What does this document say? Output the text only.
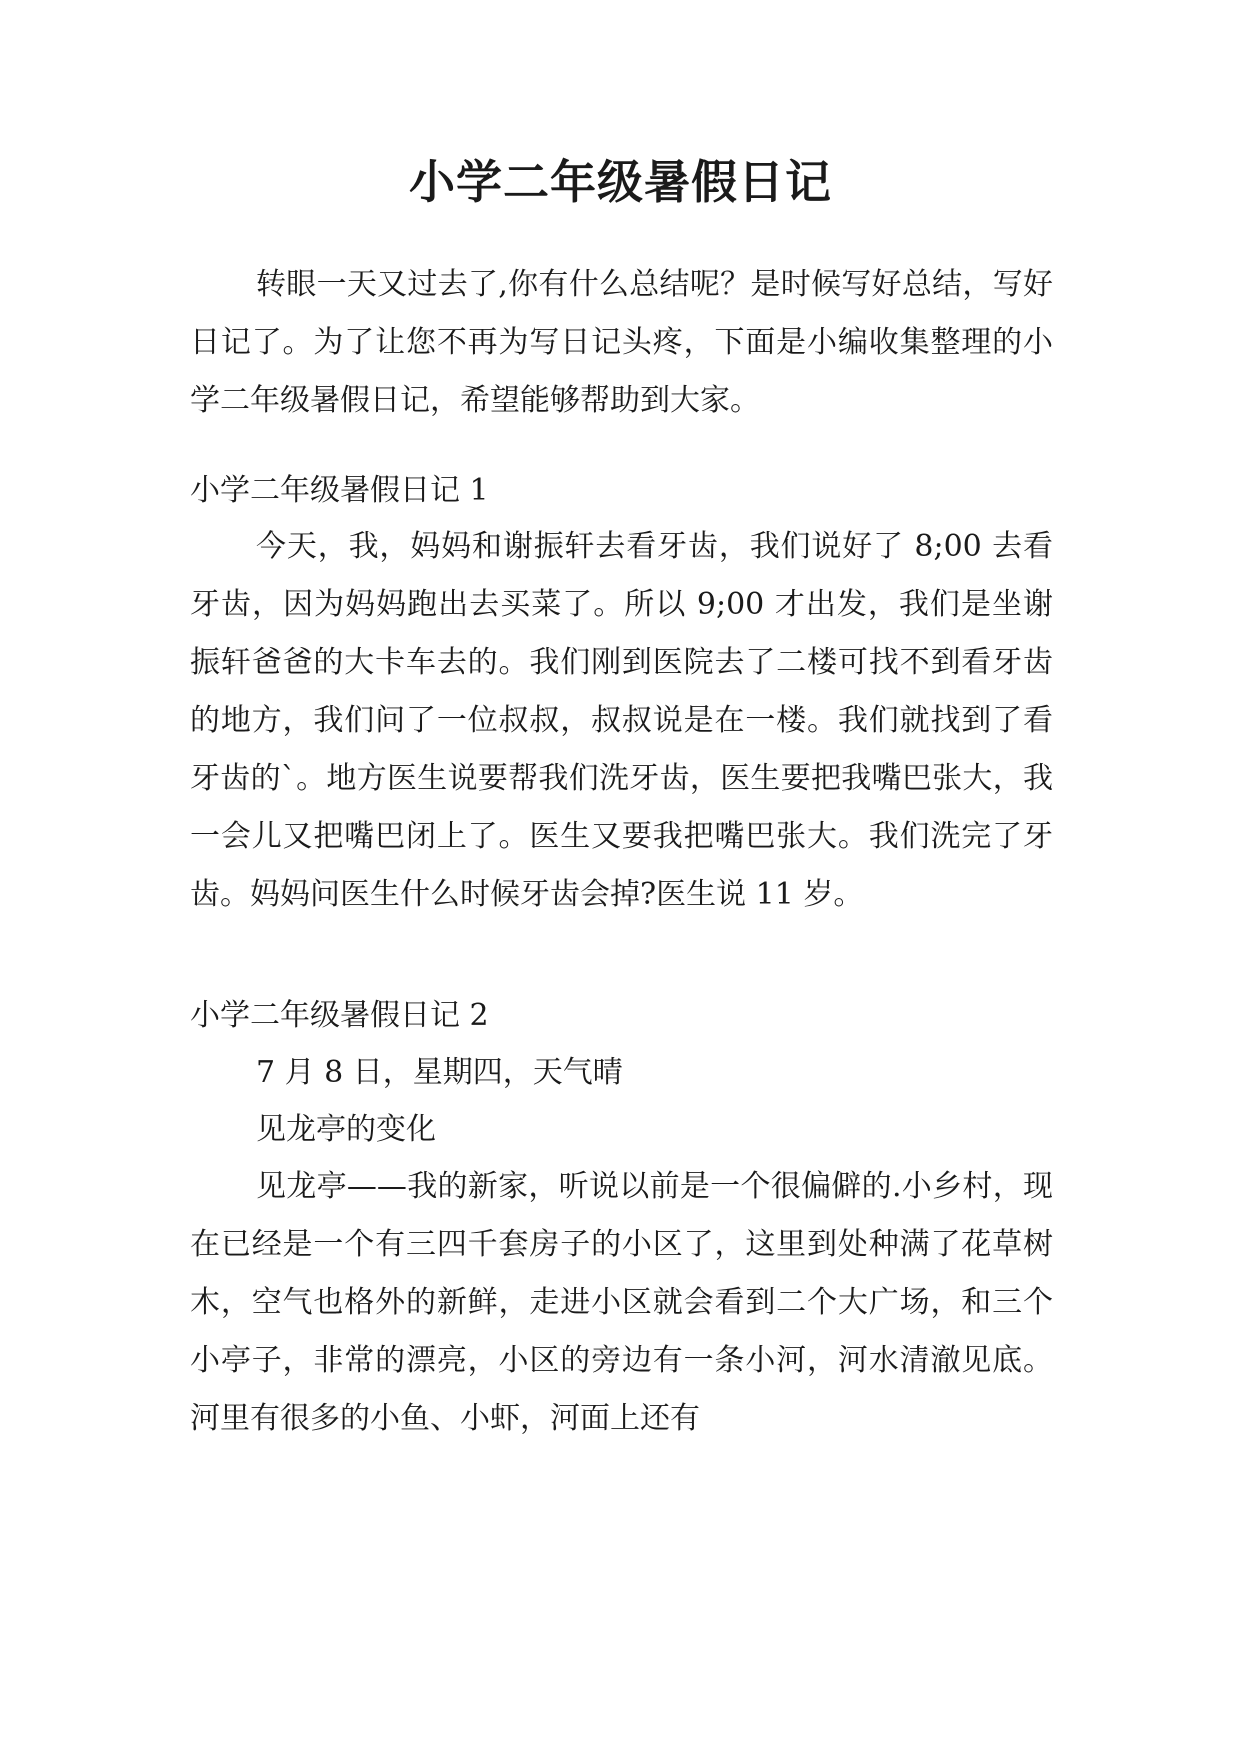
小学二年级暑假日记

转眼一天又过去了,你有什么总结呢？是时候写好总结，写好日记了。为了让您不再为写日记头疼，下面是小编收集整理的小学二年级暑假日记，希望能够帮助到大家。

小学二年级暑假日记 1

今天，我，妈妈和谢振轩去看牙齿，我们说好了 8;00 去看牙齿，因为妈妈跑出去买菜了。所以 9;00 才出发，我们是坐谢振轩爸爸的大卡车去的。我们刚到医院去了二楼可找不到看牙齿的地方，我们问了一位叔叔，叔叔说是在一楼。我们就找到了看牙齿的`。地方医生说要帮我们洗牙齿，医生要把我嘴巴张大，我一会儿又把嘴巴闭上了。医生又要我把嘴巴张大。我们洗完了牙齿。妈妈问医生什么时候牙齿会掉?医生说 11 岁。

小学二年级暑假日记 2

7 月 8 日，星期四，天气晴

见龙亭的变化

见龙亭——我的新家，听说以前是一个很偏僻的.小乡村，现在已经是一个有三四千套房子的小区了，这里到处种满了花草树木，空气也格外的新鲜，走进小区就会看到二个大广场，和三个小亭子，非常的漂亮，小区的旁边有一条小河，河水清澈见底。河里有很多的小鱼、小虾，河面上还有
